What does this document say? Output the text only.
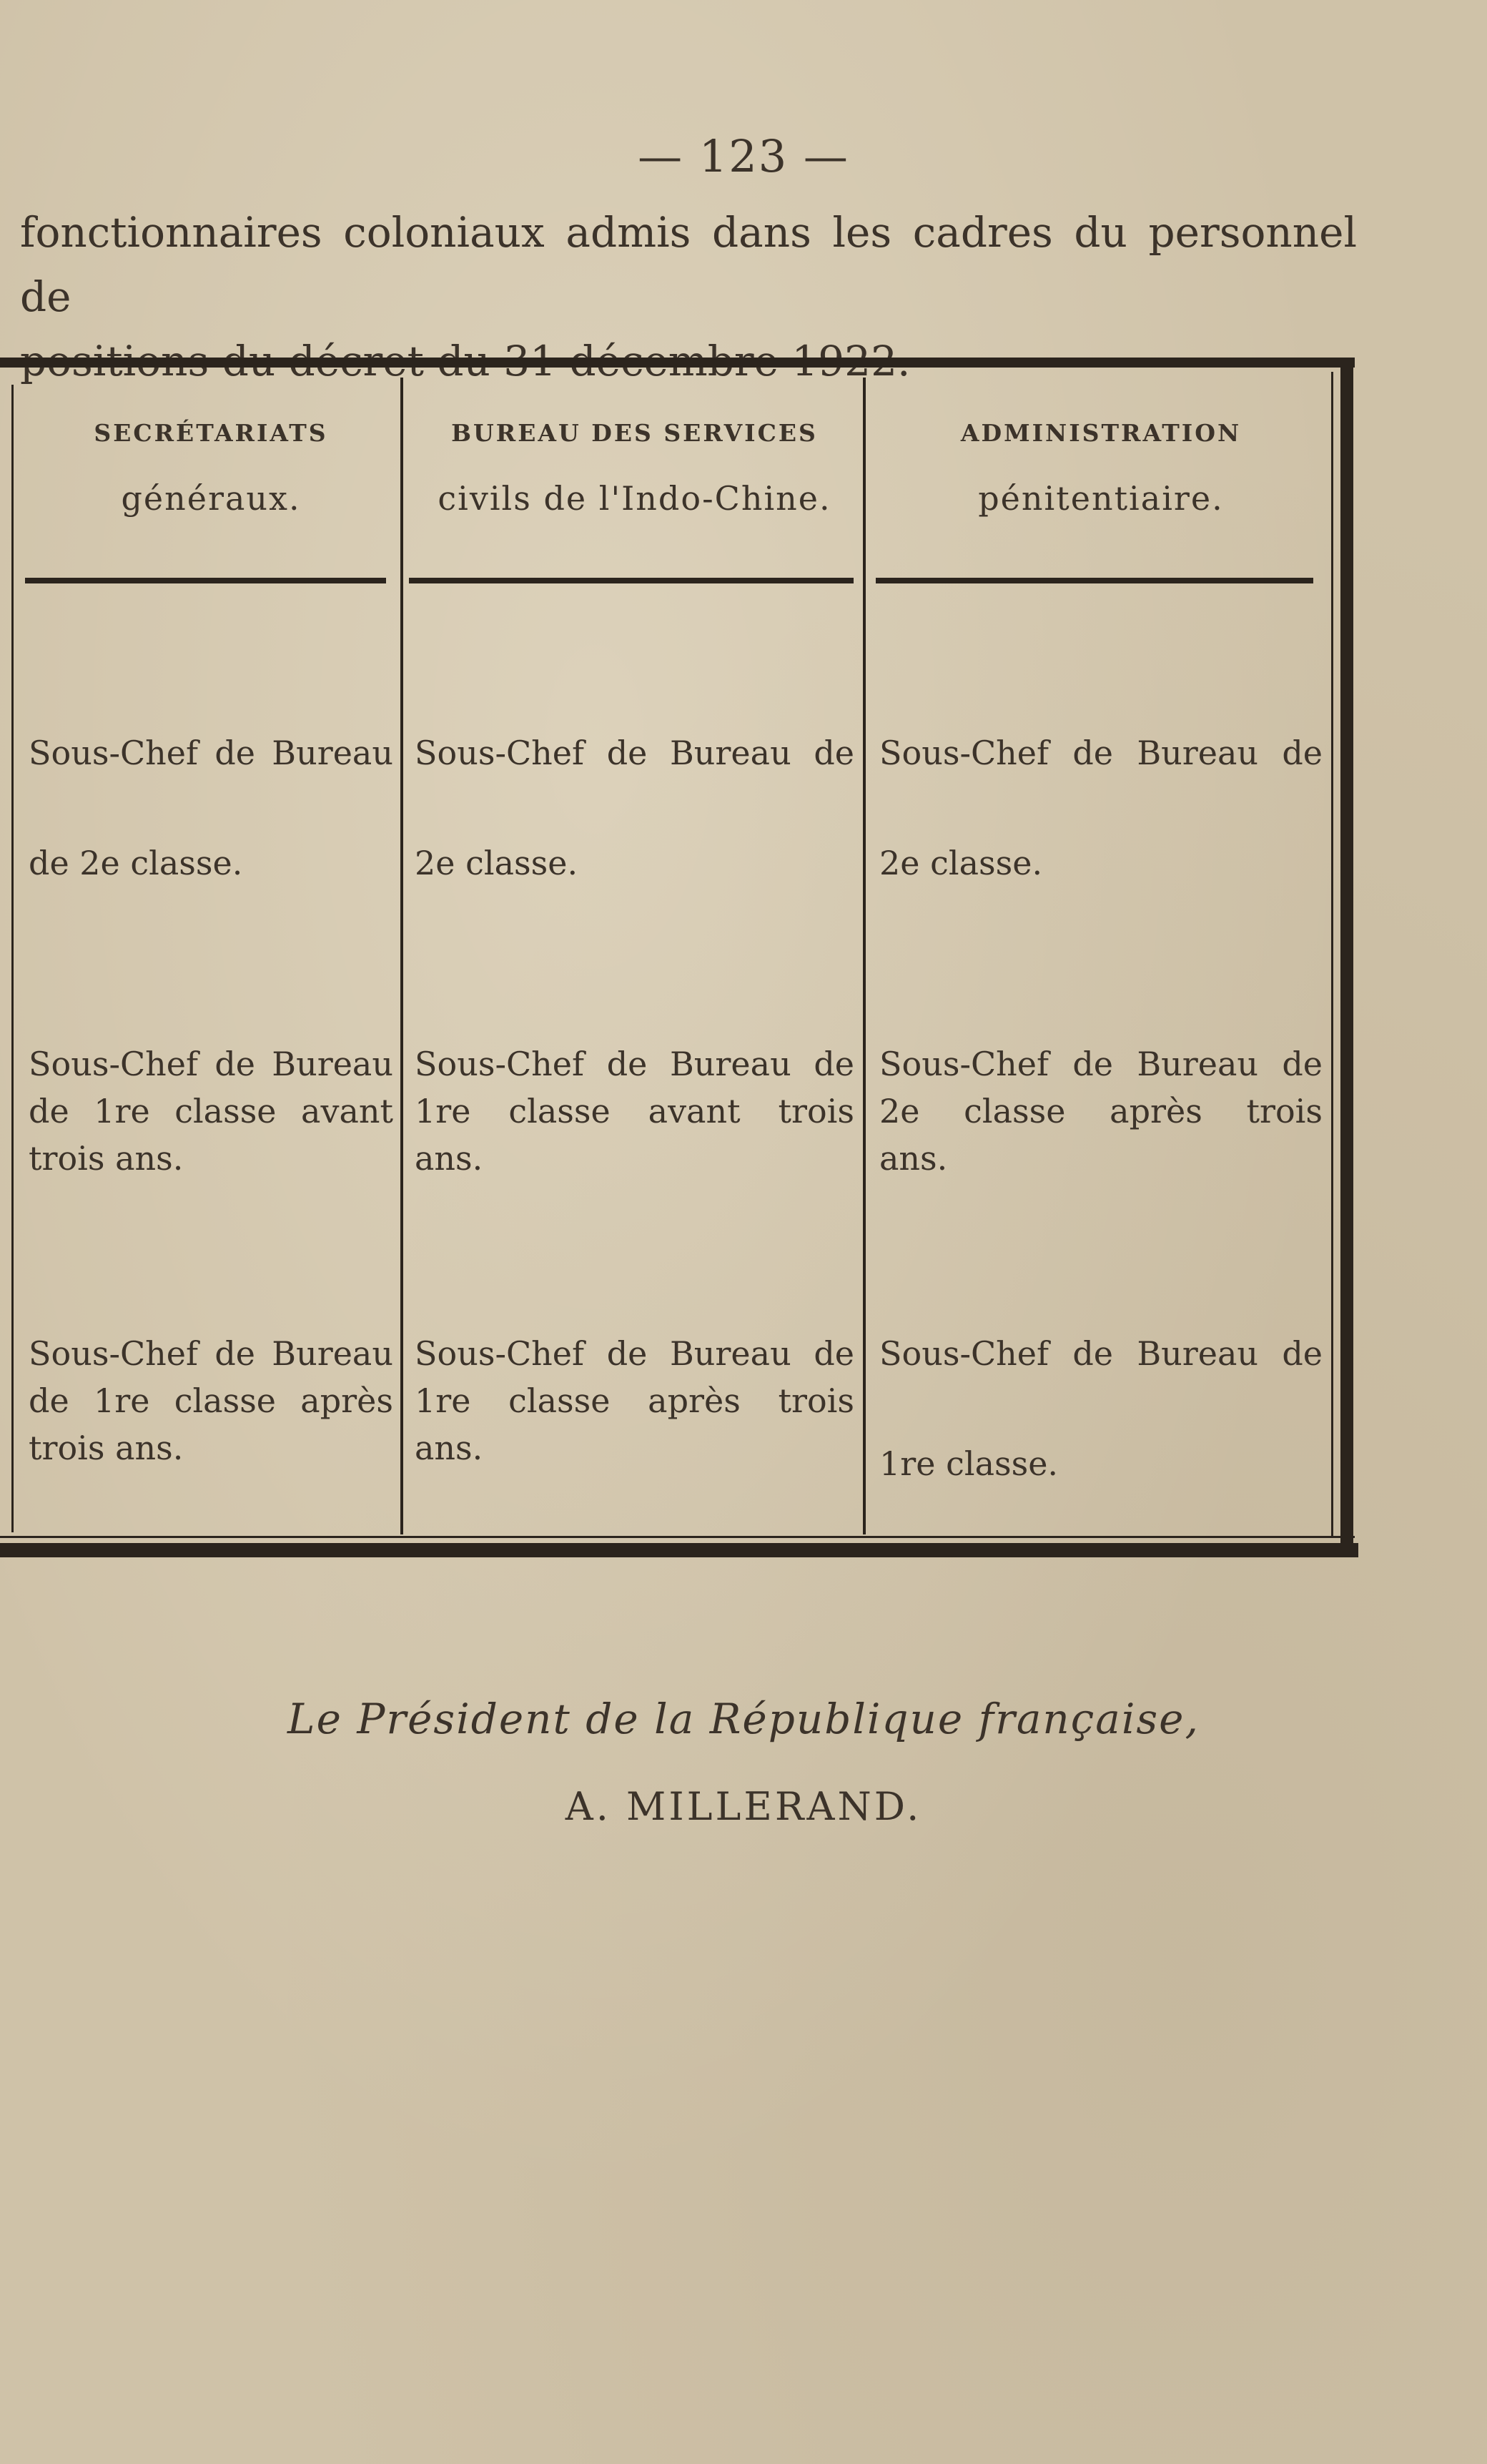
— 123 —
fonctionnaires coloniaux admis dans les cadres du personnel de
SECRÉTARIATS
généraux.

Sous-Chef de Bureau

de 2e classe.

Sous-Chef de Bureau

de 1re classe avant

trois ans.

Sous-Chef de Bureau

de 1re classe après

trois ans.

BUREAU DES SERVICES
civils de l'Indo-Chine.

Sous-Chef de Bureau de

2e classe.

Sous-Chef de Bureau de

1re classe avant trois

ans.

Sous-Chef de Bureau de

1re classe après trois

ans.

ADMINISTRATION
pénitentiaire.

Sous-Chef de Bureau de

2e classe.

Sous-Chef de Bureau de

2e classe après trois

ans.

Sous-Chef de Bureau de

1re classe.

Le Président de la République française,
A. MILLERAND.
